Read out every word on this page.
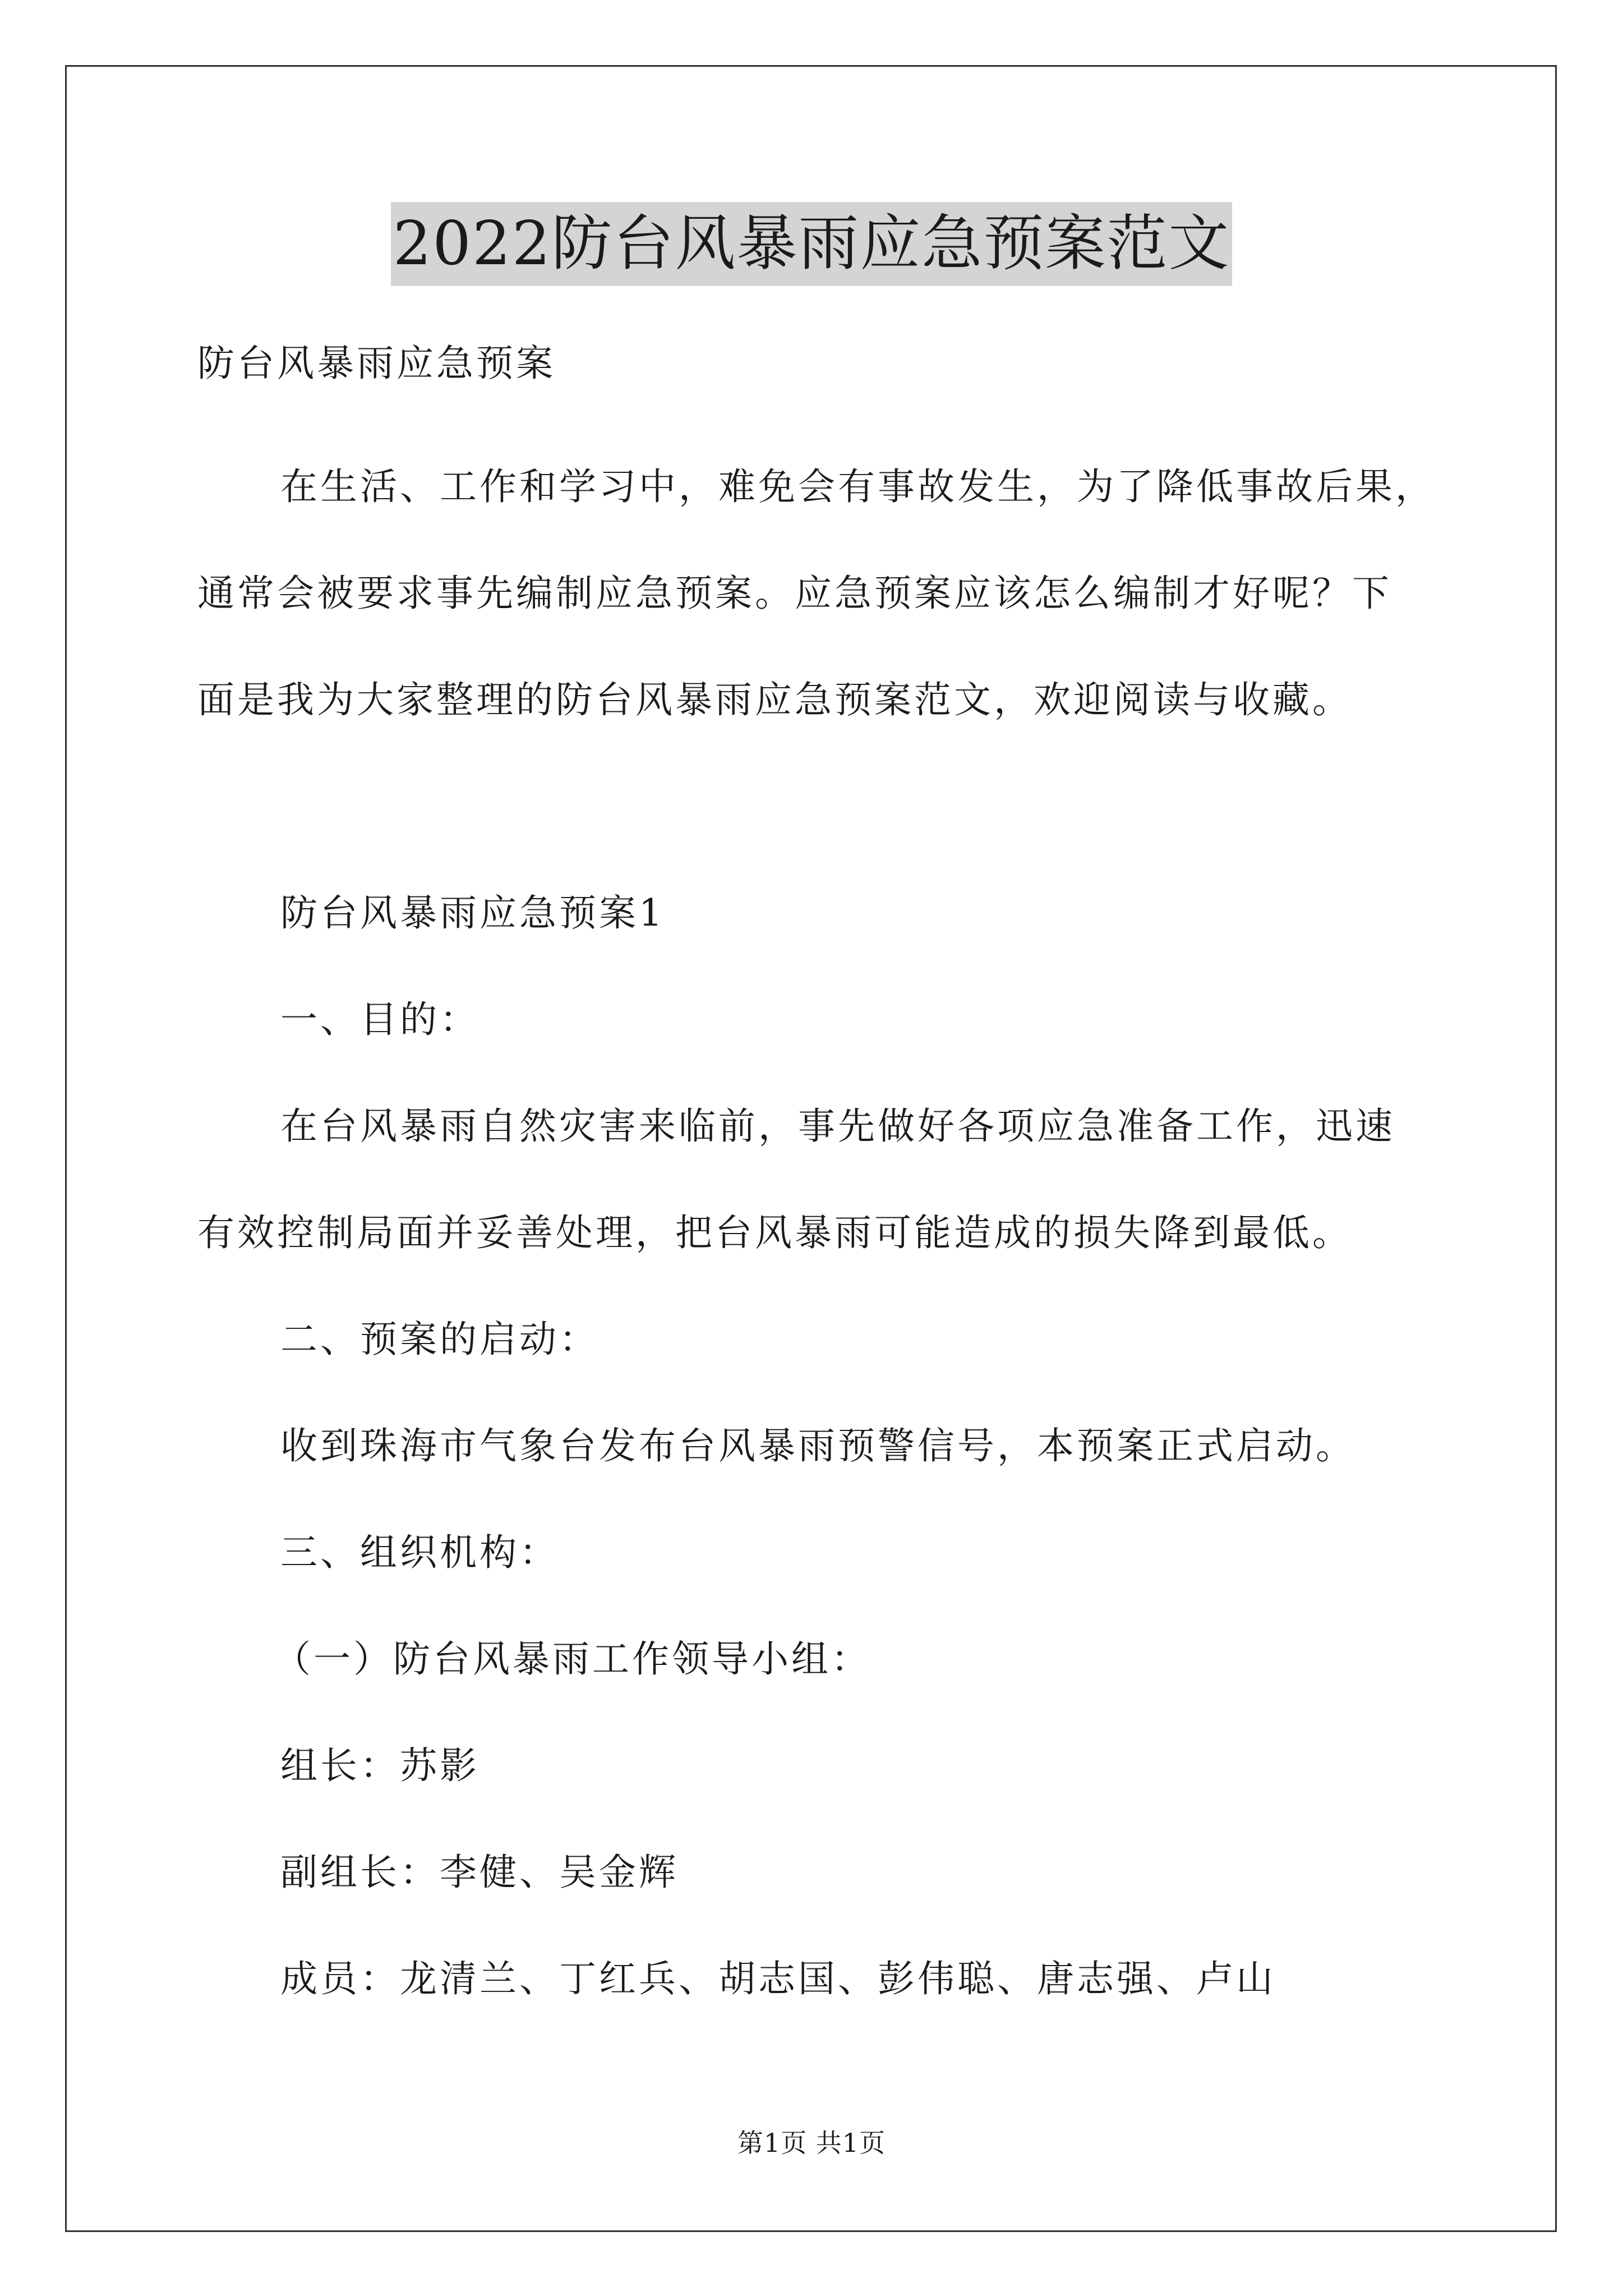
2022防台风暴雨应急预案范文
防台风暴雨应急预案
在生活、工作和学习中，难免会有事故发生，为了降低事故后果，
通常会被要求事先编制应急预案。应急预案应该怎么编制才好呢？下
面是我为大家整理的防台风暴雨应急预案范文，欢迎阅读与收藏。
防台风暴雨应急预案1
一、目的：
在台风暴雨自然灾害来临前，事先做好各项应急准备工作，迅速
有效控制局面并妥善处理，把台风暴雨可能造成的损失降到最低。
二、预案的启动：
收到珠海市气象台发布台风暴雨预警信号，本预案正式启动。
三、组织机构：
（一）防台风暴雨工作领导小组：
组长：苏影
副组长：李健、吴金辉
成员：龙清兰、丁红兵、胡志国、彭伟聪、唐志强、卢山
第1页 共1页
